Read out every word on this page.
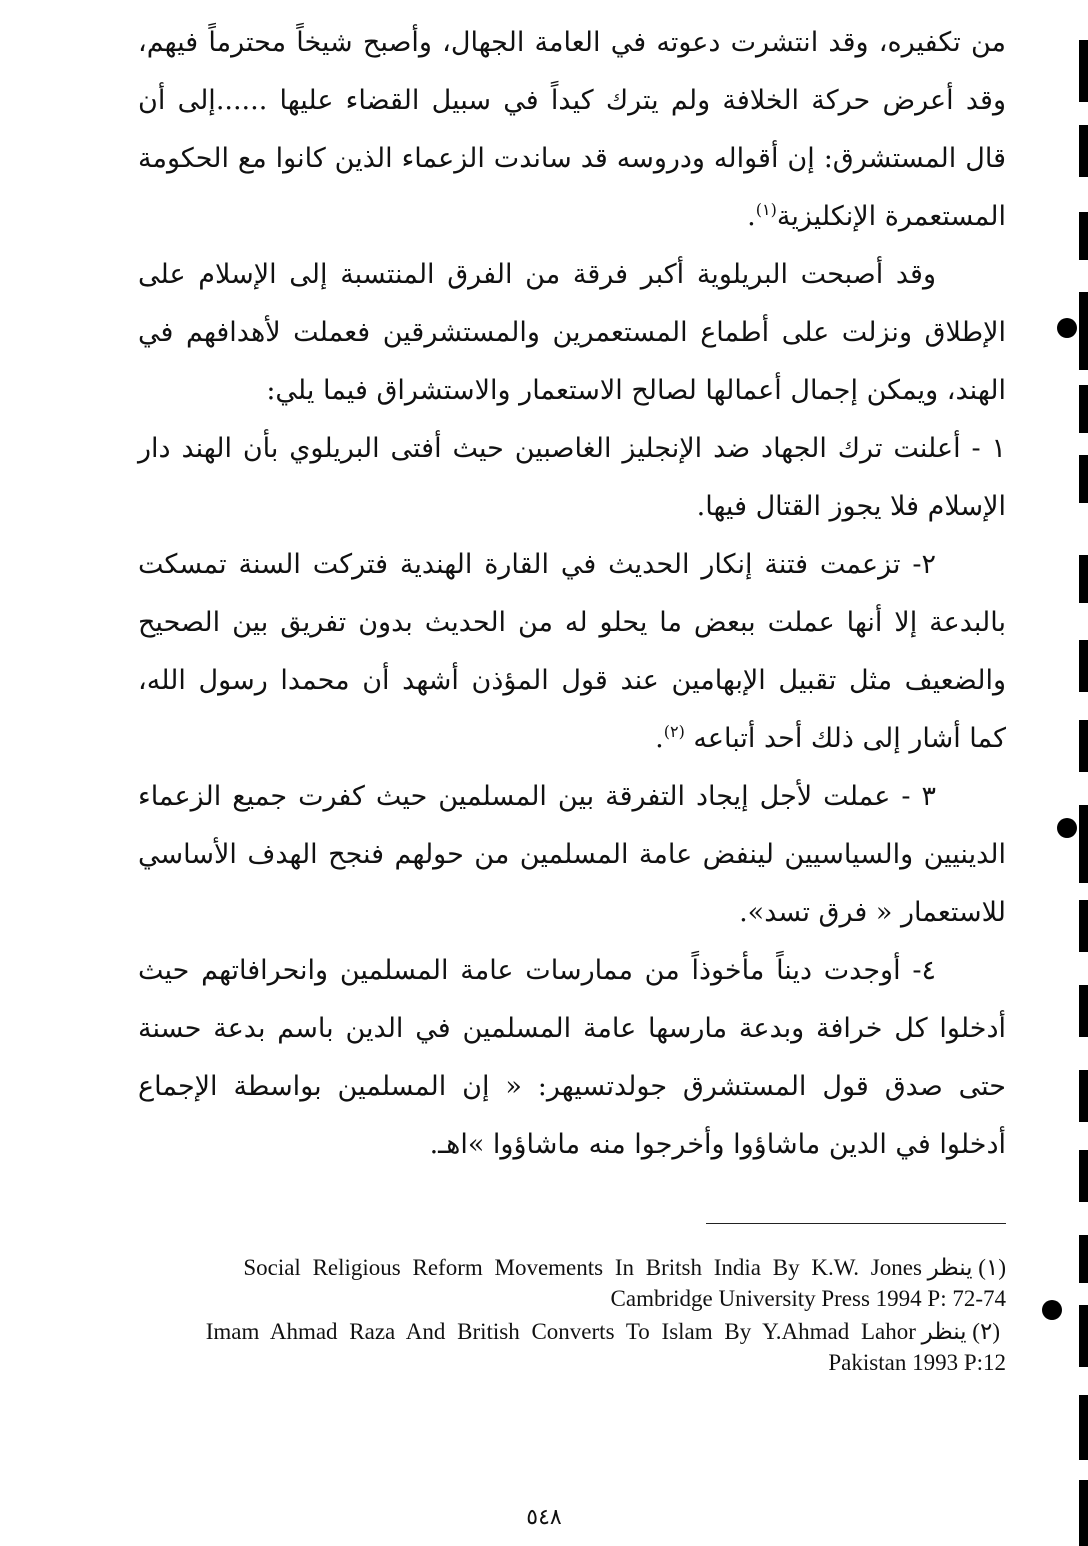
من تكفيره، وقد انتشرت دعوته في العامة الجهال، وأصبح شيخاً محترماً فيهم، وقد أعرض حركة الخلافة ولم يترك كيداً في سبيل القضاء عليها ......إلى أن قال المستشرق: إن أقواله ودروسه قد ساندت الزعماء الذين كانوا مع الحكومة المستعمرة الإنكليزية$^{(١)}$.

وقد أصبحت البريلوية أكبر فرقة من الفرق المنتسبة إلى الإسلام على الإطلاق ونزلت على أطماع المستعمرين والمستشرقين فعملت لأهدافهم في الهند، ويمكن إجمال أعمالها لصالح الاستعمار والاستشراق فيما يلي:

١ - أعلنت ترك الجهاد ضد الإنجليز الغاصبين حيث أفتى البريلوي بأن الهند دار الإسلام فلا يجوز القتال فيها.

٢- تزعمت فتنة إنكار الحديث في القارة الهندية فتركت السنة تمسكت بالبدعة إلا أنها عملت ببعض ما يحلو له من الحديث بدون تفريق بين الصحيح والضعيف مثل تقبيل الإبهامين عند قول المؤذن أشهد أن محمدا رسول الله، كما أشار إلى ذلك أحد أتباعه $^{(٢)}$.

٣ - عملت لأجل إيجاد التفرقة بين المسلمين حيث كفرت جميع الزعماء الدينيين والسياسيين لينفض عامة المسلمين من حولهم فنجح الهدف الأساسي للاستعمار « فرق تسد».

٤- أوجدت ديناً مأخوذاً من ممارسات عامة المسلمين وانحرافاتهم حيث أدخلوا كل خرافة وبدعة مارسها عامة المسلمين في الدين باسم بدعة حسنة حتى صدق قول المستشرق جولدتسيهر: « إن المسلمين بواسطة الإجماع أدخلوا في الدين ماشاؤوا وأخرجوا منه ماشاؤوا »اهـ.

(١) ينظر Social Religious Reform Movements In Britsh India By K.W. Jones
Cambridge University Press 1994 P: 72-74
(٢) ينظر Imam Ahmad Raza And British Converts To Islam By Y.Ahmad Lahor
Pakistan 1993 P:12
٥٤٨
